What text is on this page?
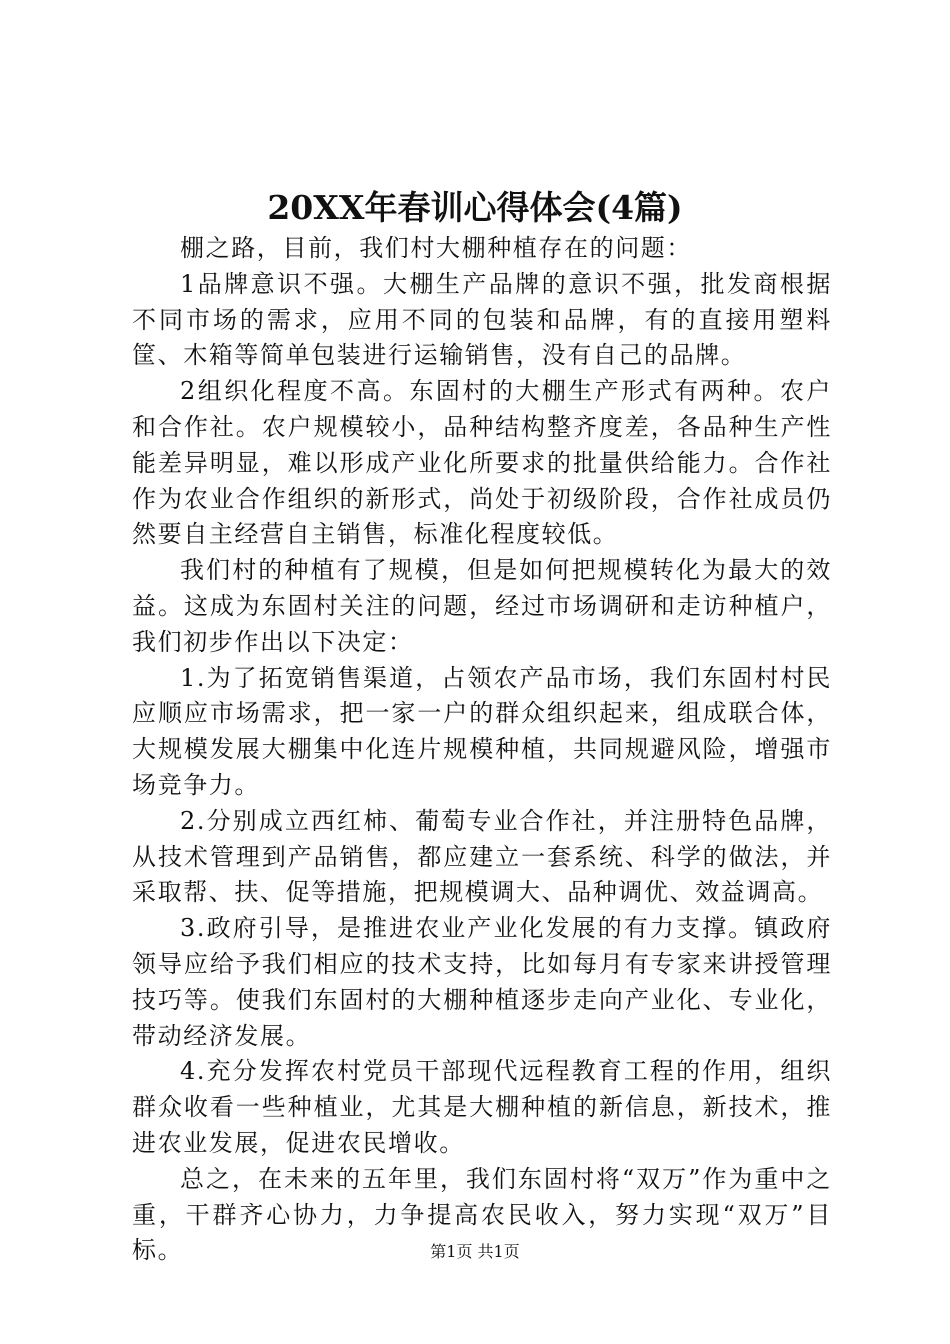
20XX年春训心得体会(4篇)

棚之路，目前，我们村大棚种植存在的问题：

1品牌意识不强。大棚生产品牌的意识不强，批发商根据不同市场的需求，应用不同的包装和品牌，有的直接用塑料筐、木箱等简单包装进行运输销售，没有自己的品牌。

2组织化程度不高。东固村的大棚生产形式有两种。农户和合作社。农户规模较小，品种结构整齐度差，各品种生产性能差异明显，难以形成产业化所要求的批量供给能力。合作社作为农业合作组织的新形式，尚处于初级阶段，合作社成员仍然要自主经营自主销售，标准化程度较低。

我们村的种植有了规模，但是如何把规模转化为最大的效益。这成为东固村关注的问题，经过市场调研和走访种植户，我们初步作出以下决定：

1.为了拓宽销售渠道，占领农产品市场，我们东固村村民应顺应市场需求，把一家一户的群众组织起来，组成联合体，大规模发展大棚集中化连片规模种植，共同规避风险，增强市场竞争力。

2.分别成立西红柿、葡萄专业合作社，并注册特色品牌，从技术管理到产品销售，都应建立一套系统、科学的做法，并采取帮、扶、促等措施，把规模调大、品种调优、效益调高。

3.政府引导，是推进农业产业化发展的有力支撑。镇政府领导应给予我们相应的技术支持，比如每月有专家来讲授管理技巧等。使我们东固村的大棚种植逐步走向产业化、专业化，带动经济发展。

4.充分发挥农村党员干部现代远程教育工程的作用，组织群众收看一些种植业，尤其是大棚种植的新信息，新技术，推进农业发展，促进农民增收。

总之，在未来的五年里，我们东固村将“双万”作为重中之重，干群齐心协力，力争提高农民收入，努力实现“双万”目标。	第1页 共1页
